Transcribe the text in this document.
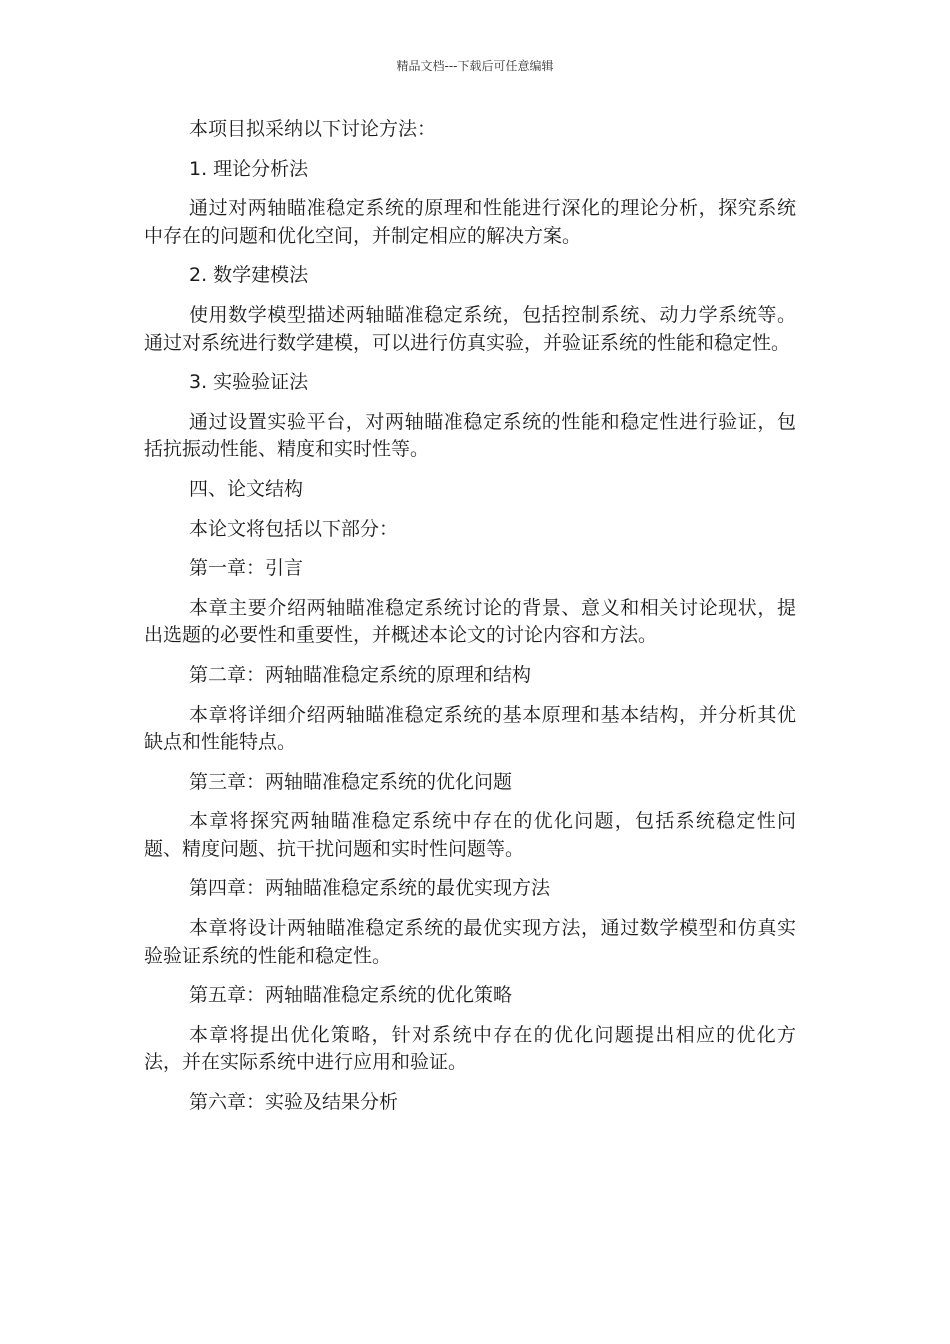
精品文档---下载后可任意编辑

本项目拟采纳以下讨论方法：

1. 理论分析法

通过对两轴瞄准稳定系统的原理和性能进行深化的理论分析，探究系统中存在的问题和优化空间，并制定相应的解决方案。

2. 数学建模法

使用数学模型描述两轴瞄准稳定系统，包括控制系统、动力学系统等。通过对系统进行数学建模，可以进行仿真实验，并验证系统的性能和稳定性。

3. 实验验证法

通过设置实验平台，对两轴瞄准稳定系统的性能和稳定性进行验证，包括抗振动性能、精度和实时性等。

四、论文结构

本论文将包括以下部分：

第一章：引言

本章主要介绍两轴瞄准稳定系统讨论的背景、意义和相关讨论现状，提出选题的必要性和重要性，并概述本论文的讨论内容和方法。

第二章：两轴瞄准稳定系统的原理和结构

本章将详细介绍两轴瞄准稳定系统的基本原理和基本结构，并分析其优缺点和性能特点。

第三章：两轴瞄准稳定系统的优化问题

本章将探究两轴瞄准稳定系统中存在的优化问题，包括系统稳定性问题、精度问题、抗干扰问题和实时性问题等。

第四章：两轴瞄准稳定系统的最优实现方法

本章将设计两轴瞄准稳定系统的最优实现方法，通过数学模型和仿真实验验证系统的性能和稳定性。

第五章：两轴瞄准稳定系统的优化策略

本章将提出优化策略，针对系统中存在的优化问题提出相应的优化方法，并在实际系统中进行应用和验证。

第六章：实验及结果分析
